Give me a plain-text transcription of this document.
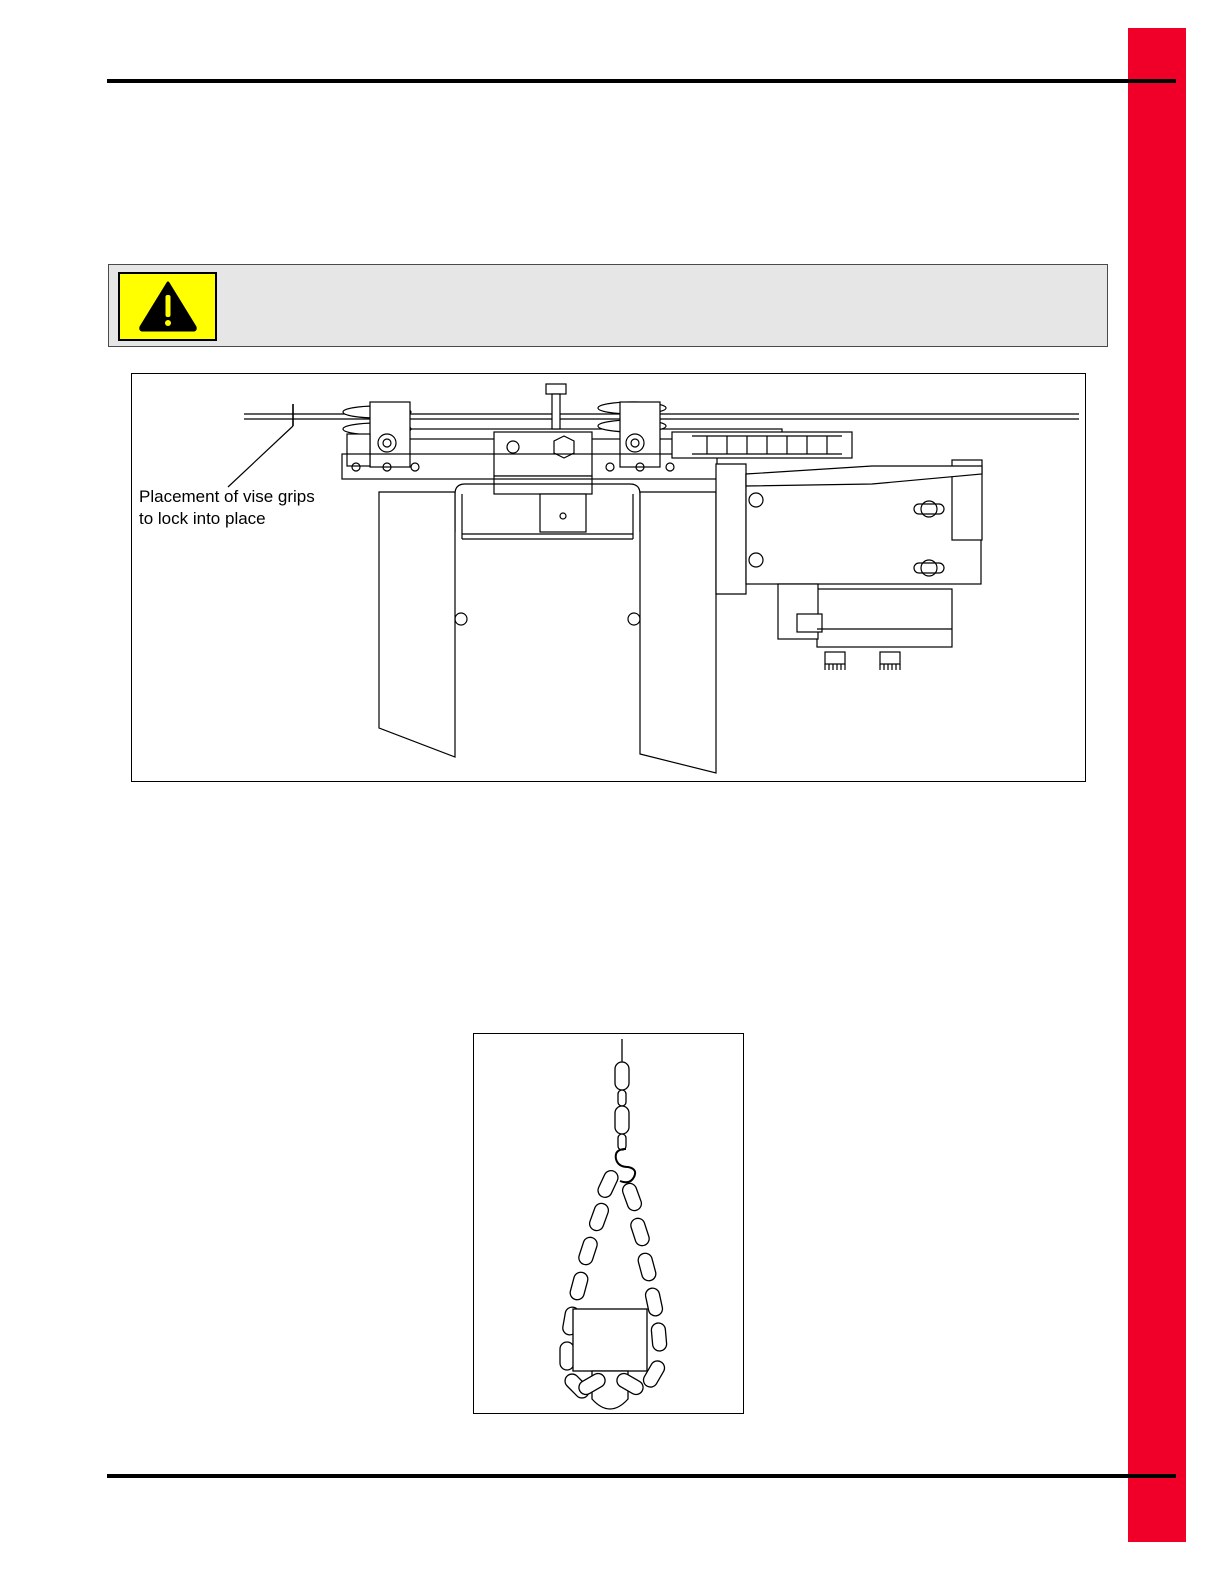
Placement of vise grips
to lock into place
